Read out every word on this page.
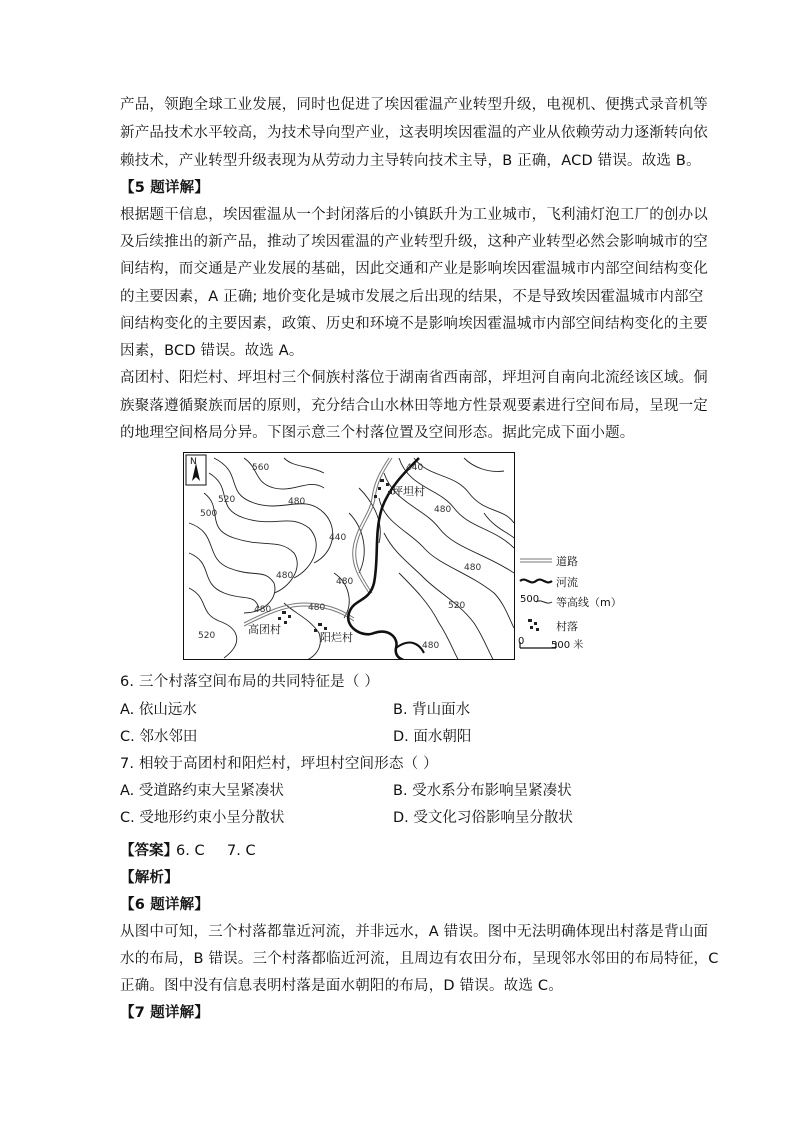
产品，领跑全球工业发展，同时也促进了埃因霍温产业转型升级，电视机、便携式录音机等
新产品技术水平较高，为技术导向型产业，这表明埃因霍温的产业从依赖劳动力逐渐转向依
赖技术，产业转型升级表现为从劳动力主导转向技术主导，B 正确，ACD 错误。故选 B。
【5 题详解】
根据题干信息，埃因霍温从一个封闭落后的小镇跃升为工业城市，飞利浦灯泡工厂的创办以
及后续推出的新产品，推动了埃因霍温的产业转型升级，这种产业转型必然会影响城市的空
间结构，而交通是产业发展的基础，因此交通和产业是影响埃因霍温城市内部空间结构变化
的主要因素，A 正确; 地价变化是城市发展之后出现的结果，不是导致埃因霍温城市内部空
间结构变化的主要因素，政策、历史和环境不是影响埃因霍温城市内部空间结构变化的主要
因素，BCD 错误。故选 A。
高团村、阳烂村、坪坦村三个侗族村落位于湖南省西南部，坪坦河自南向北流经该区域。侗
族聚落遵循聚族而居的原则，充分结合山水林田等地方性景观要素进行空间布局，呈现一定
的地理空间格局分异。下图示意三个村落位置及空间形态。据此完成下面小题。
坪坦村
高团村
阳烂村
N
560	440
520	480
500
440
480
480
480
520
480
520
480
480
480	道路
河流
500 等高线（m）
村落
0	500 米
6. 三个村落空间布局的共同特征是（ ）
A. 依山远水	B. 背山面水
C. 邻水邻田	D. 面水朝阳
7. 相较于高团村和阳烂村，坪坦村空间形态（ ）
A. 受道路约束大呈紧凑状	B. 受水系分布影响呈紧凑状
C. 受地形约束小呈分散状	D. 受文化习俗影响呈分散状
【答案】
6. C 7. C
【解析】
【6 题详解】
从图中可知，三个村落都靠近河流，并非远水，A 错误。图中无法明确体现出村落是背山面
水的布局，B 错误。三个村落都临近河流，且周边有农田分布，呈现邻水邻田的布局特征，C
正确。图中没有信息表明村落是面水朝阳的布局，D 错误。故选 C。
【7 题详解】
